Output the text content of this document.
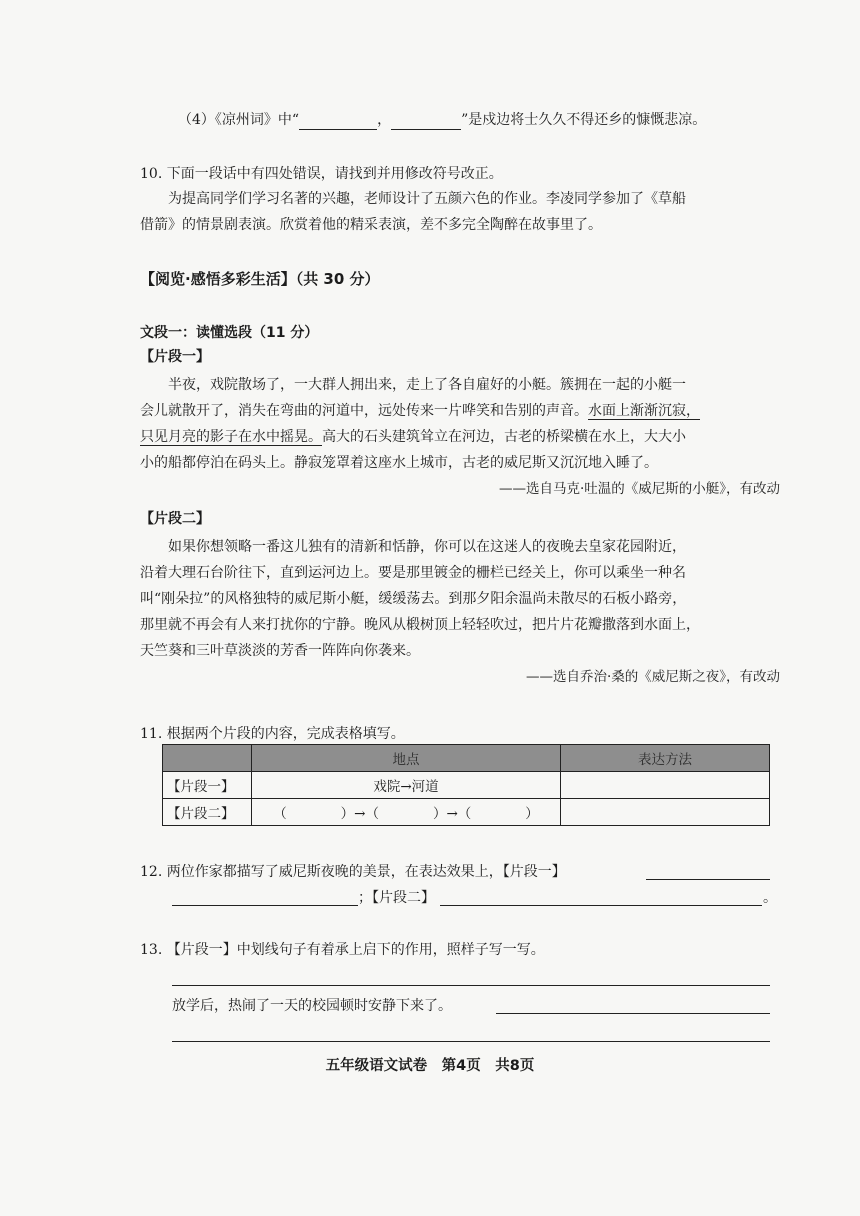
（4）《凉州词》中“	，	”是戍边将士久久不得还乡的慷慨悲凉。
10. 下面一段话中有四处错误，请找到并用修改符号改正。

为提高同学们学习名著的兴趣，老师设计了五颜六色的作业。李凌同学参加了《草船

借箭》的情景剧表演。欣赏着他的精采表演，差不多完全陶醉在故事里了。

【阅览·感悟多彩生活】（共 30 分）
文段一：读懂选段（11 分）
【片段一】

半夜，戏院散场了，一大群人拥出来，走上了各自雇好的小艇。簇拥在一起的小艇一

会儿就散开了，消失在弯曲的河道中，远处传来一片哗笑和告别的声音。水面上渐渐沉寂，

只见月亮的影子在水中摇晃。高大的石头建筑耸立在河边，古老的桥梁横在水上，大大小

小的船都停泊在码头上。静寂笼罩着这座水上城市，古老的威尼斯又沉沉地入睡了。

——选自马克·吐温的《威尼斯的小艇》，有改动

【片段二】

如果你想领略一番这儿独有的清新和恬静，你可以在这迷人的夜晚去皇家花园附近，

沿着大理石台阶往下，直到运河边上。要是那里镀金的栅栏已经关上，你可以乘坐一种名

叫“刚朵拉”的风格独特的威尼斯小艇，缓缓荡去。到那夕阳余温尚未散尽的石板小路旁，

那里就不再会有人来打扰你的宁静。晚风从椴树顶上轻轻吹过，把片片花瓣撒落到水面上，

天竺葵和三叶草淡淡的芳香一阵阵向你袭来。

——选自乔治·桑的《威尼斯之夜》，有改动

11. 根据两个片段的内容，完成表格填写。
	地点	表达方法
【片段一】	戏院→河道	
【片段二】	（　　　　）→（　　　　）→（　　　　）	
12. 两位作家都描写了威尼斯夜晚的美景，在表达效果上，【片段一】
；【片段二】	。
13. 【片段一】中划线句子有着承上启下的作用，照样子写一写。
放学后，热闹了一天的校园顿时安静下来了。
五年级语文试卷　第4页　共8页
